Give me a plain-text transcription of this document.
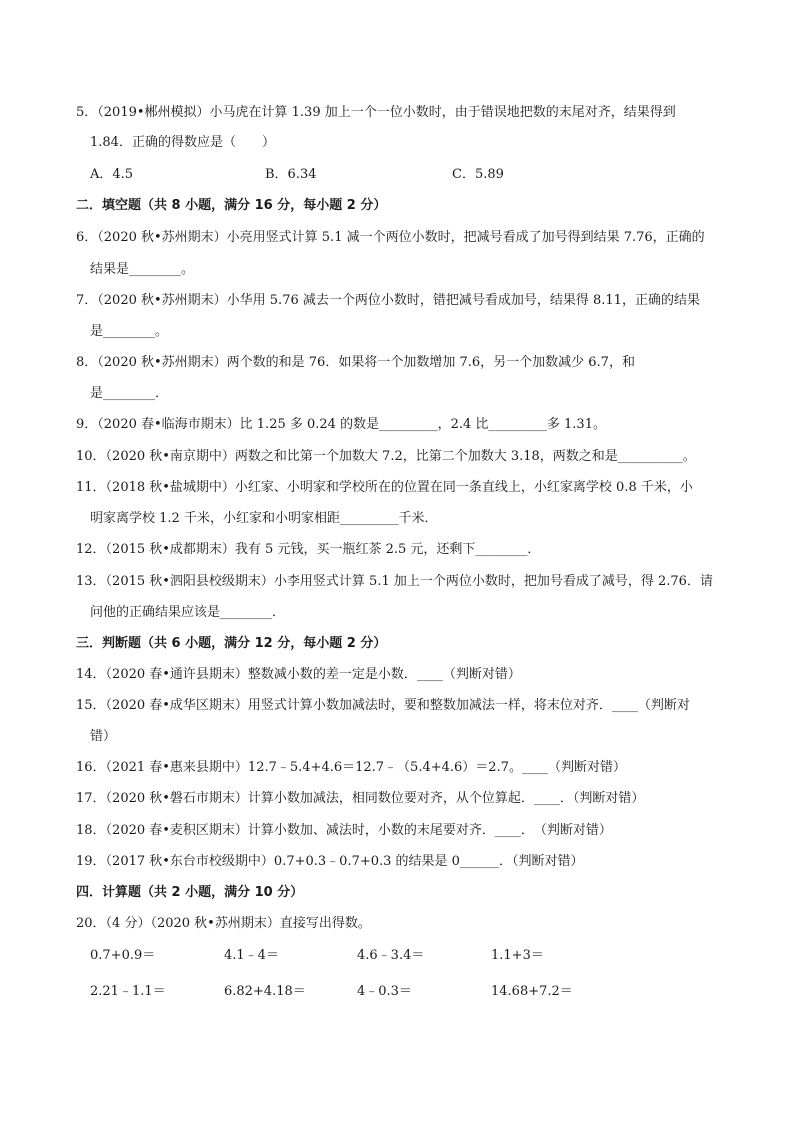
5．（2019•郴州模拟）小马虎在计算 1.39 加上一个一位小数时，由于错误地把数的末尾对齐，结果得到
1.84．正确的得数应是（　　）
A．4.5	B．6.34	C．5.89
二．填空题（共 8 小题，满分 16 分，每小题 2 分）
6．（2020 秋•苏州期末）小亮用竖式计算 5.1 减一个两位小数时，把减号看成了加号得到结果 7.76，正确的
结果是________。
7．（2020 秋•苏州期末）小华用 5.76 减去一个两位小数时，错把减号看成加号，结果得 8.11，正确的结果
是________。
8．（2020 秋•苏州期末）两个数的和是 76．如果将一个加数增加 7.6，另一个加数减少 6.7，和
是________．
9．（2020 春•临海市期末）比 1.25 多 0.24 的数是_________，2.4 比_________多 1.31。
10．（2020 秋•南京期中）两数之和比第一个加数大 7.2，比第二个加数大 3.18，两数之和是__________。
11．（2018 秋•盐城期中）小红家、小明家和学校所在的位置在同一条直线上，小红家离学校 0.8 千米，小
明家离学校 1.2 千米，小红家和小明家相距_________千米．
12．（2015 秋•成都期末）我有 5 元钱，买一瓶红茶 2.5 元，还剩下________．
13．（2015 秋•泗阳县校级期末）小李用竖式计算 5.1 加上一个两位小数时，把加号看成了减号，得 2.76．请
问他的正确结果应该是________．
三．判断题（共 6 小题，满分 12 分，每小题 2 分）
14．（2020 春•通许县期末）整数减小数的差一定是小数．____（判断对错）
15．（2020 春•成华区期末）用竖式计算小数加减法时，要和整数加减法一样，将末位对齐．____（判断对
错）
16．（2021 春•惠来县期中）12.7﹣5.4+4.6＝12.7﹣（5.4+4.6）＝2.7。____（判断对错）
17．（2020 秋•磐石市期末）计算小数加减法，相同数位要对齐，从个位算起．____．（判断对错）
18．（2020 春•麦积区期末）计算小数加、减法时，小数的末尾要对齐．____．　（判断对错）
19．（2017 秋•东台市校级期中）0.7+0.3﹣0.7+0.3 的结果是 0______．（判断对错）
四．计算题（共 2 小题，满分 10 分）
20．（4 分）（2020 秋•苏州期末）直接写出得数。
0.7+0.9＝	4.1﹣4＝	4.6﹣3.4＝	1.1+3＝
2.21﹣1.1＝	6.82+4.18＝	4﹣0.3＝	14.68+7.2＝
